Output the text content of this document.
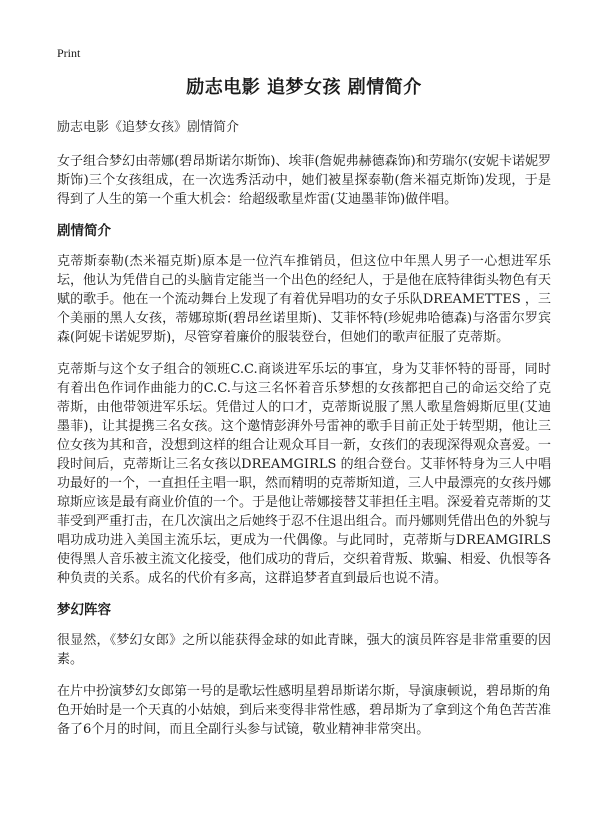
Print
励志电影 追梦女孩 剧情简介

励志电影《追梦女孩》剧情简介

女子组合梦幻由蒂娜(碧昂斯诺尔斯饰)、埃菲(詹妮弗赫德森饰)和劳瑞尔(安妮卡诺妮罗斯饰)三个女孩组成，在一次选秀活动中，她们被星探泰勒(詹米福克斯饰)发现，于是得到了人生的第一个重大机会：给超级歌星炸雷(艾迪墨菲饰)做伴唱。

剧情简介

克蒂斯泰勒(杰米福克斯)原本是一位汽车推销员，但这位中年黑人男子一心想进军乐坛，他认为凭借自己的头脑肯定能当一个出色的经纪人，于是他在底特律街头物色有天赋的歌手。他在一个流动舞台上发现了有着优异唱功的女子乐队DREAMETTES ，三个美丽的黑人女孩，蒂娜琼斯(碧昂丝诺里斯)、艾菲怀特(珍妮弗哈德森)与洛雷尔罗宾森(阿妮卡诺妮罗斯)，尽管穿着廉价的服装登台，但她们的歌声征服了克蒂斯。

克蒂斯与这个女子组合的领班C.C.商谈进军乐坛的事宜，身为艾菲怀特的哥哥，同时有着出色作词作曲能力的C.C.与这三名怀着音乐梦想的女孩都把自己的命运交给了克蒂斯，由他带领进军乐坛。凭借过人的口才，克蒂斯说服了黑人歌星詹姆斯厄里(艾迪墨菲)，让其提携三名女孩。这个邀情彭湃外号雷神的歌手目前正处于转型期，他让三位女孩为其和音，没想到这样的组合让观众耳目一新，女孩们的表现深得观众喜爱。一段时间后，克蒂斯让三名女孩以DREAMGIRLS 的组合登台。艾菲怀特身为三人中唱功最好的一个，一直担任主唱一职，然而精明的克蒂斯知道，三人中最漂亮的女孩丹娜琼斯应该是最有商业价值的一个。于是他让蒂娜接替艾菲担任主唱。深爱着克蒂斯的艾菲受到严重打击，在几次演出之后她终于忍不住退出组合。而丹娜则凭借出色的外貌与唱功成功进入美国主流乐坛，更成为一代偶像。与此同时，克蒂斯与DREAMGIRLS 使得黑人音乐被主流文化接受，他们成功的背后，交织着背叛、欺骗、相爱、仇恨等各种负责的关系。成名的代价有多高，这群追梦者直到最后也说不清。

梦幻阵容

很显然，《梦幻女郎》之所以能获得金球的如此青睐，强大的演员阵容是非常重要的因素。

在片中扮演梦幻女郎第一号的是歌坛性感明星碧昂斯诺尔斯，导演康顿说，碧昂斯的角色开始时是一个天真的小姑娘，到后来变得非常性感，碧昂斯为了拿到这个角色苦苦准备了6个月的时间，而且全副行头参与试镜，敬业精神非常突出。
